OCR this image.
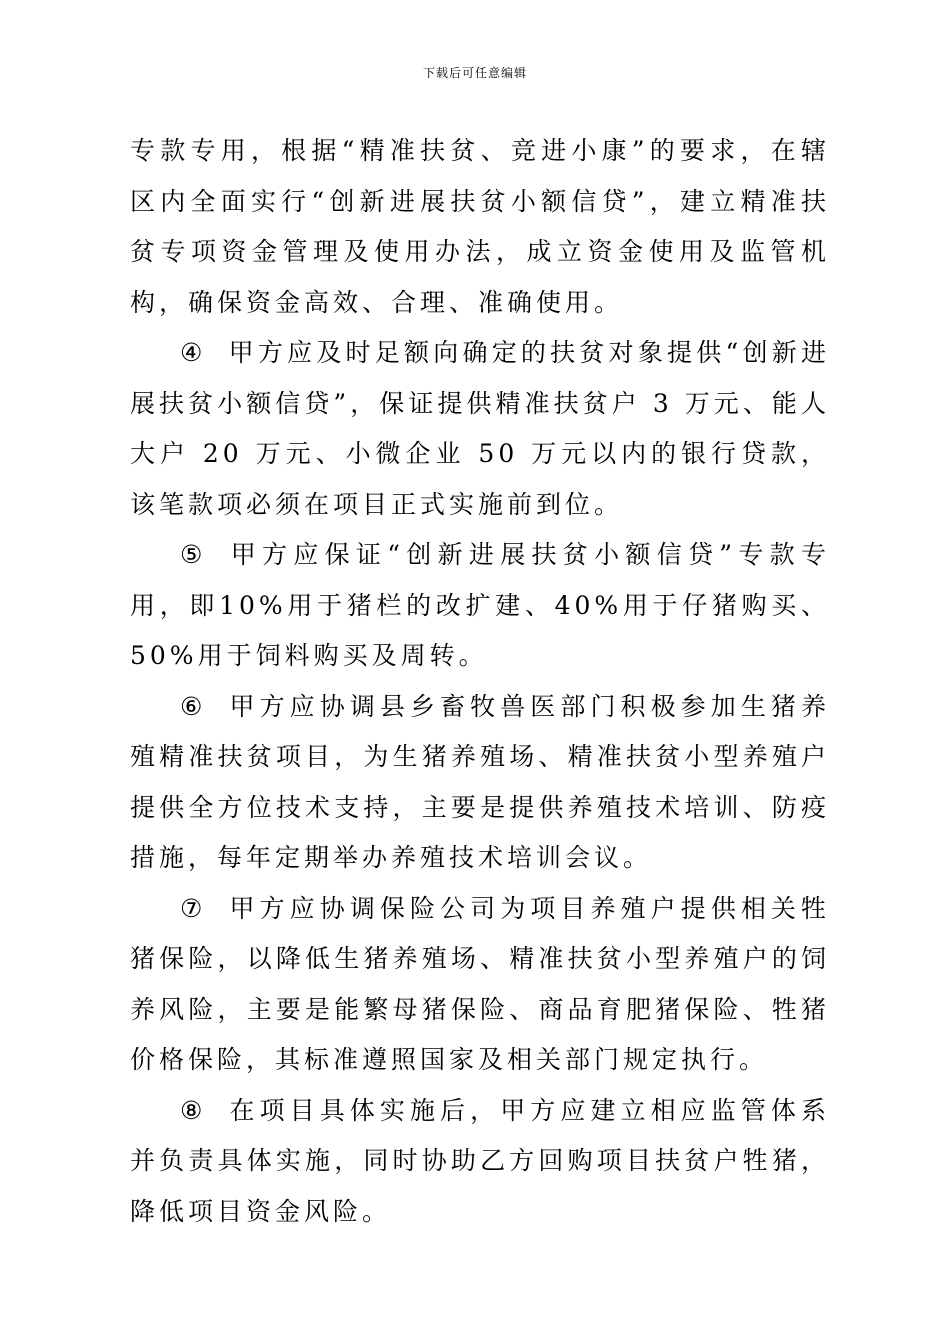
下载后可任意编辑

专款专用，根据“精准扶贫、竞进小康”的要求，在辖区内全面实行“创新进展扶贫小额信贷”，建立精准扶贫专项资金管理及使用办法，成立资金使用及监管机构，确保资金高效、合理、准确使用。

④ 甲方应及时足额向确定的扶贫对象提供“创新进展扶贫小额信贷”，保证提供精准扶贫户 3 万元、能人大户 20 万元、小微企业 50 万元以内的银行贷款，该笔款项必须在项目正式实施前到位。

⑤ 甲方应保证“创新进展扶贫小额信贷”专款专用，即10%用于猪栏的改扩建、40%用于仔猪购买、50%用于饲料购买及周转。

⑥ 甲方应协调县乡畜牧兽医部门积极参加生猪养殖精准扶贫项目，为生猪养殖场、精准扶贫小型养殖户提供全方位技术支持，主要是提供养殖技术培训、防疫措施，每年定期举办养殖技术培训会议。

⑦ 甲方应协调保险公司为项目养殖户提供相关牲猪保险，以降低生猪养殖场、精准扶贫小型养殖户的饲养风险，主要是能繁母猪保险、商品育肥猪保险、牲猪价格保险，其标准遵照国家及相关部门规定执行。

⑧ 在项目具体实施后，甲方应建立相应监管体系并负责具体实施，同时协助乙方回购项目扶贫户牲猪，降低项目资金风险。
